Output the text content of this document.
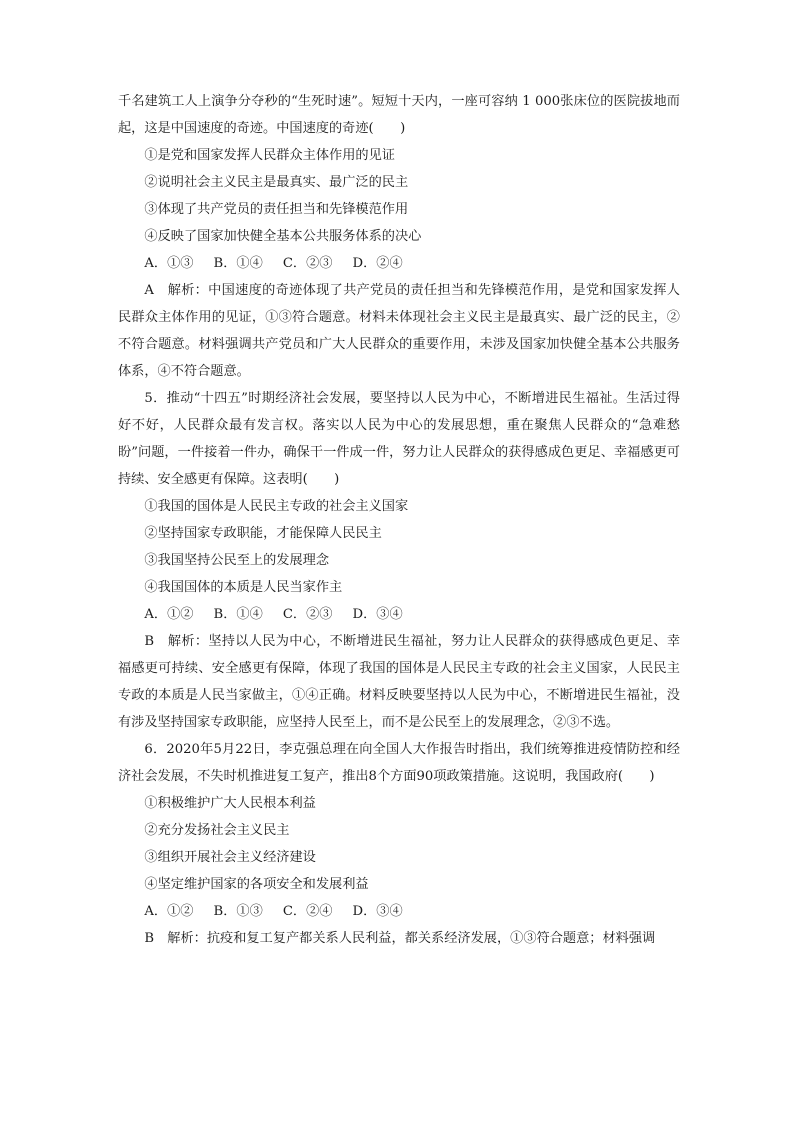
千名建筑工人上演争分夺秒的“生死时速”。短短十天内，一座可容纳 1 000张床位的医院拔地而起，这是中国速度的奇迹。中国速度的奇迹(　　)

①是党和国家发挥人民群众主体作用的见证
②说明社会主义民主是最真实、最广泛的民主
③体现了共产党员的责任担当和先锋模范作用
④反映了国家加快健全基本公共服务体系的决心
A．①③ B．①④ C．②③ D．②④

A　解析：中国速度的奇迹体现了共产党员的责任担当和先锋模范作用，是党和国家发挥人民群众主体作用的见证，①③符合题意。材料未体现社会主义民主是最真实、最广泛的民主，②不符合题意。材料强调共产党员和广大人民群众的重要作用，未涉及国家加快健全基本公共服务体系，④不符合题意。

5．推动“十四五”时期经济社会发展，要坚持以人民为中心，不断增进民生福祉。生活过得好不好，人民群众最有发言权。落实以人民为中心的发展思想，重在聚焦人民群众的“急难愁盼”问题，一件接着一件办，确保干一件成一件，努力让人民群众的获得感成色更足、幸福感更可持续、安全感更有保障。这表明(　　)

①我国的国体是人民民主专政的社会主义国家
②坚持国家专政职能，才能保障人民民主
③我国坚持公民至上的发展理念
④我国国体的本质是人民当家作主
A．①② B．①④ C．②③ D．③④

B　解析：坚持以人民为中心，不断增进民生福祉，努力让人民群众的获得感成色更足、幸福感更可持续、安全感更有保障，体现了我国的国体是人民民主专政的社会主义国家，人民民主专政的本质是人民当家做主，①④正确。材料反映要坚持以人民为中心，不断增进民生福祉，没有涉及坚持国家专政职能，应坚持人民至上，而不是公民至上的发展理念，②③不选。

6．2020年5月22日，李克强总理在向全国人大作报告时指出，我们统筹推进疫情防控和经济社会发展，不失时机推进复工复产，推出8个方面90项政策措施。这说明，我国政府(　　)

①积极维护广大人民根本利益
②充分发扬社会主义民主
③组织开展社会主义经济建设
④坚定维护国家的各项安全和发展利益
A．①② B．①③ C．②④ D．③④

B　解析：抗疫和复工复产都关系人民利益，都关系经济发展，①③符合题意；材料强调
